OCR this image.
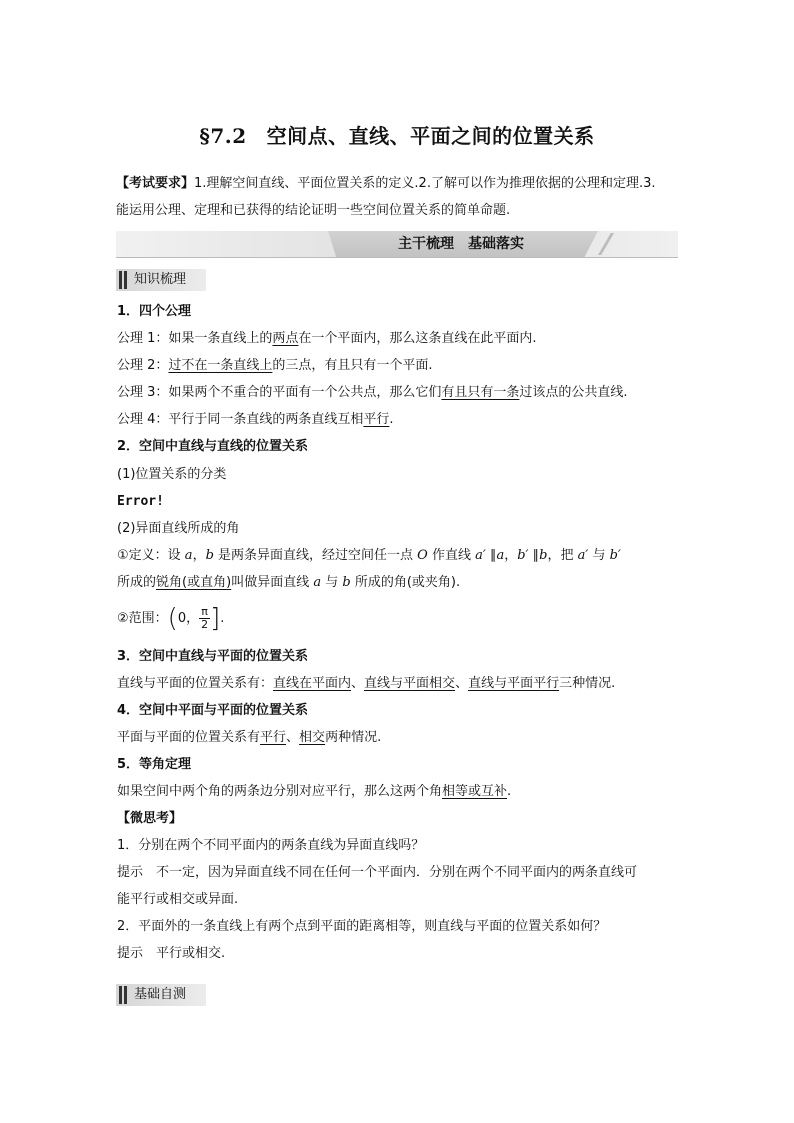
§7.2 空间点、直线、平面之间的位置关系
【考试要求】1.理解空间直线、平面位置关系的定义.2.了解可以作为推理依据的公理和定理.3.
能运用公理、定理和已获得的结论证明一些空间位置关系的简单命题.
主干梳理　基础落实
知识梳理
1．四个公理
公理 1：如果一条直线上的两点在一个平面内，那么这条直线在此平面内.
公理 2：过不在一条直线上的三点，有且只有一个平面.
公理 3：如果两个不重合的平面有一个公共点，那么它们有且只有一条过该点的公共直线.
公理 4：平行于同一条直线的两条直线互相平行.
2．空间中直线与直线的位置关系
(1)位置关系的分类
Error!
(2)异面直线所成的角
①定义：设 a，b 是两条异面直线，经过空间任一点 O 作直线 a′ ∥a，b′ ∥b，把 a′ 与 b′
所成的锐角(或直角)叫做异面直线 a 与 b 所成的角(或夹角).
②范围：(0， $\frac{\pi}{2}$ ].
3．空间中直线与平面的位置关系
直线与平面的位置关系有：直线在平面内、直线与平面相交、直线与平面平行三种情况.
4．空间中平面与平面的位置关系
平面与平面的位置关系有平行、相交两种情况.
5．等角定理
如果空间中两个角的两条边分别对应平行，那么这两个角相等或互补.
【微思考】
1．分别在两个不同平面内的两条直线为异面直线吗？
提示　不一定，因为异面直线不同在任何一个平面内．分别在两个不同平面内的两条直线可
能平行或相交或异面.
2．平面外的一条直线上有两个点到平面的距离相等，则直线与平面的位置关系如何？
提示　平行或相交.
基础自测
